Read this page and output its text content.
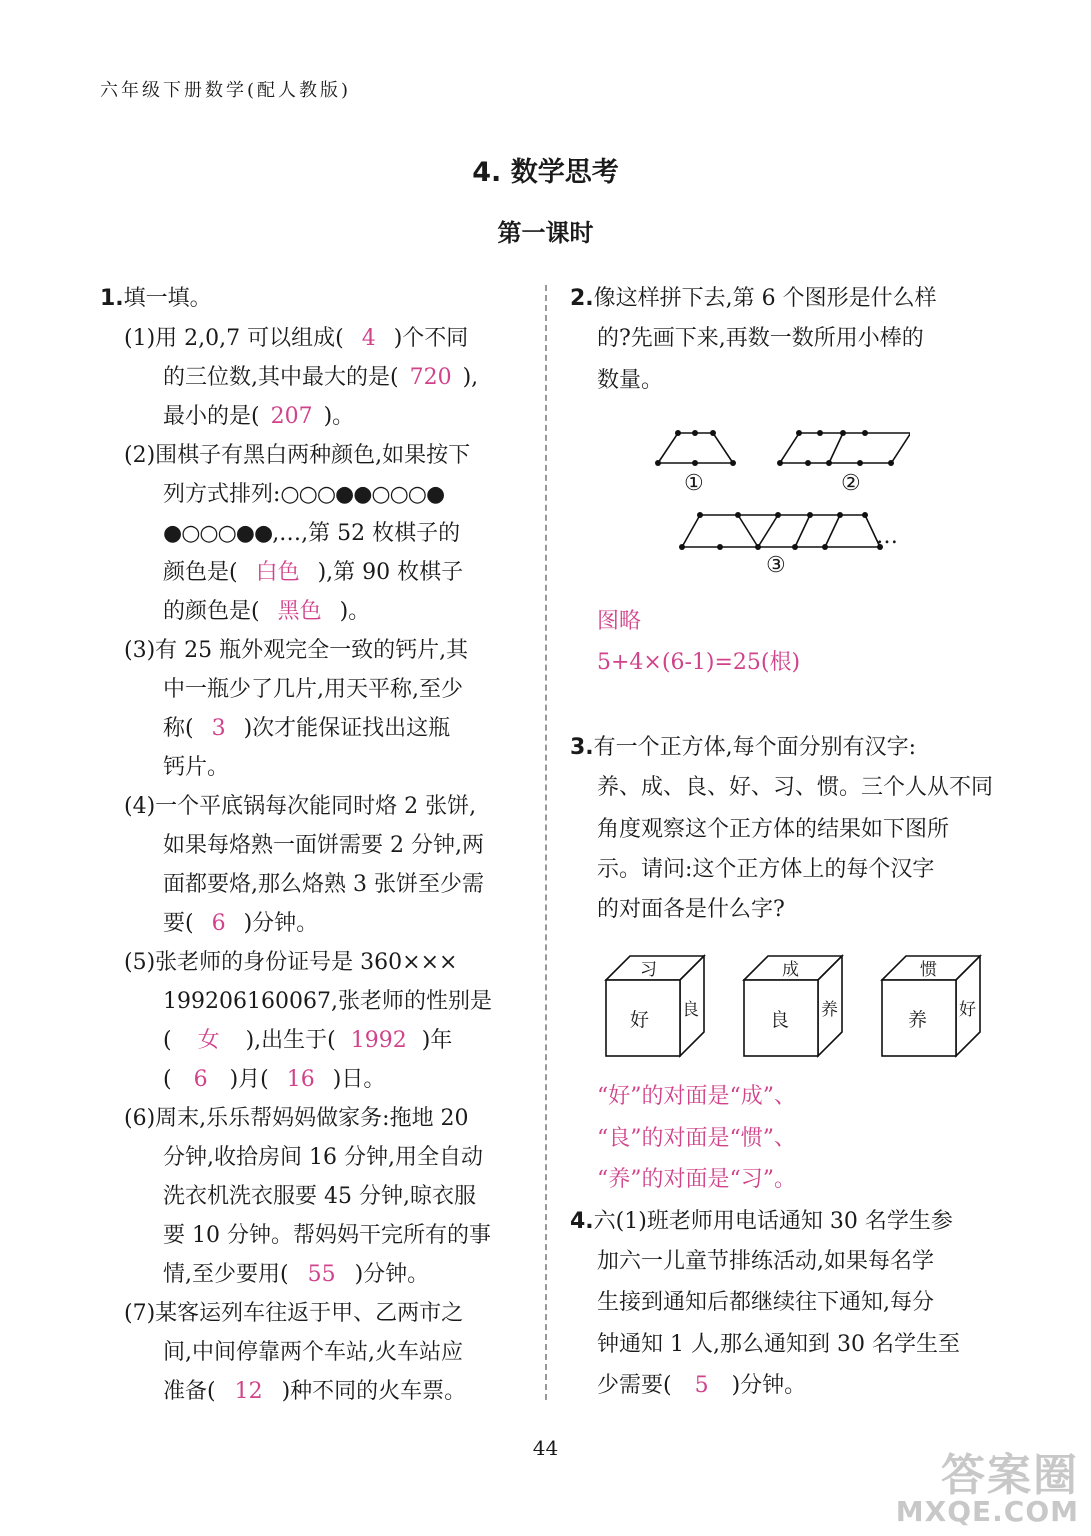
六年级下册数学(配人教版)
4. 数学思考
第一课时
1.填一填。
(1)用 2,0,7 可以组成( 4 )个不同
的三位数,其中最大的是( 720 ),
最小的是( 207 )。
(2)围棋子有黑白两种颜色,如果按下
列方式排列:○○○●●○○○●
●○○○●●,…,第 52 枚棋子的
颜色是( 白色 ),第 90 枚棋子
的颜色是( 黑色 )。
(3)有 25 瓶外观完全一致的钙片,其
中一瓶少了几片,用天平称,至少
称( 3 )次才能保证找出这瓶
钙片。
(4)一个平底锅每次能同时烙 2 张饼,
如果每烙熟一面饼需要 2 分钟,两
面都要烙,那么烙熟 3 张饼至少需
要( 6 )分钟。
(5)张老师的身份证号是 360×××
199206160067,张老师的性别是
( 女 ),出生于( 1992 )年
( 6 )月( 16 )日。
(6)周末,乐乐帮妈妈做家务:拖地 20
分钟,收拾房间 16 分钟,用全自动
洗衣机洗衣服要 45 分钟,晾衣服
要 10 分钟。帮妈妈干完所有的事
情,至少要用( 55 )分钟。
(7)某客运列车往返于甲、乙两市之
间,中间停靠两个车站,火车站应
准备( 12 )种不同的火车票。
2.像这样拼下去,第 6 个图形是什么样
的?先画下来,再数一数所用小棒的
数量。
①	②
③
…
图略
5+4×(6-1)=25(根)
3.有一个正方体,每个面分别有汉字:
养、成、良、好、习、惯。三个人从不同
角度观察这个正方体的结果如下图所
示。请问:这个正方体上的每个汉字
的对面各是什么字?
习
好 良
成
良 养
惯
养 好
“好”的对面是“成”、
“良”的对面是“惯”、
“养”的对面是“习”。
4.六(1)班老师用电话通知 30 名学生参
加六一儿童节排练活动,如果每名学
生接到通知后都继续往下通知,每分
钟通知 1 人,那么通知到 30 名学生至
少需要( 5 )分钟。
44
答案圈
MXQE.COM
